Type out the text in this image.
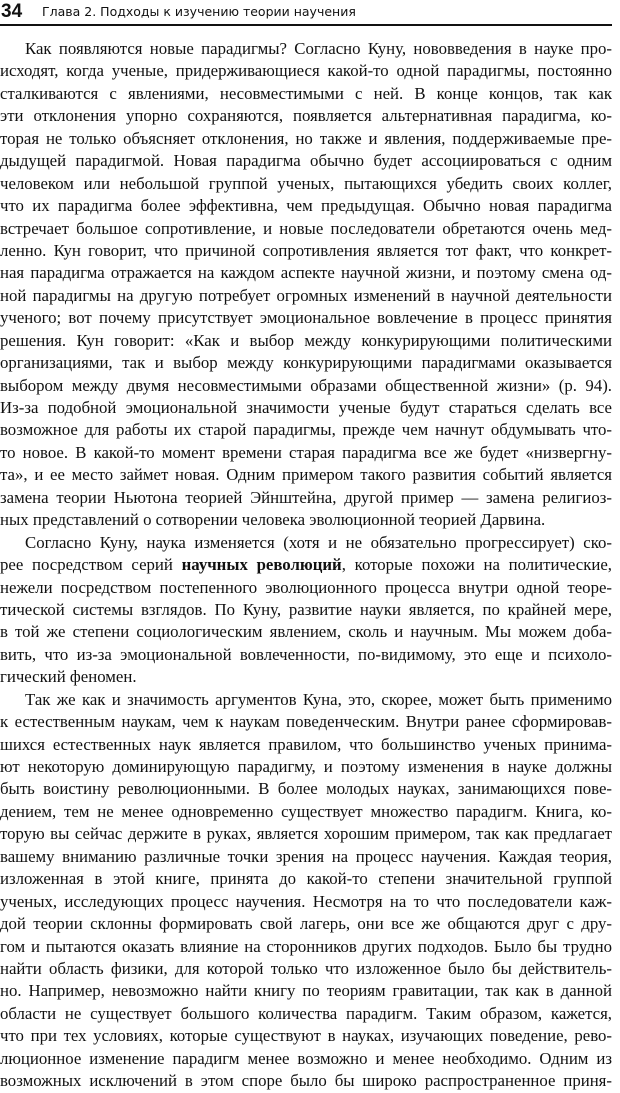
34 Глава 2. Подходы к изучению теории научения
Как появляются новые парадигмы? Согласно Куну, нововведения в науке про-
исходят, когда ученые, придерживающиеся какой-то одной парадигмы, постоянно
сталкиваются с явлениями, несовместимыми с ней. В конце концов, так как
эти отклонения упорно сохраняются, появляется альтернативная парадигма, ко-
торая не только объясняет отклонения, но также и явления, поддерживаемые пре-
дыдущей парадигмой. Новая парадигма обычно будет ассоциироваться с одним
человеком или небольшой группой ученых, пытающихся убедить своих коллег,
что их парадигма более эффективна, чем предыдущая. Обычно новая парадигма
встречает большое сопротивление, и новые последователи обретаются очень мед-
ленно. Кун говорит, что причиной сопротивления является тот факт, что конкрет-
ная парадигма отражается на каждом аспекте научной жизни, и поэтому смена од-
ной парадигмы на другую потребует огромных изменений в научной деятельности
ученого; вот почему присутствует эмоциональное вовлечение в процесс принятия
решения. Кун говорит: «Как и выбор между конкурирующими политическими
организациями, так и выбор между конкурирующими парадигмами оказывается
выбором между двумя несовместимыми образами общественной жизни» (р. 94).
Из-за подобной эмоциональной значимости ученые будут стараться сделать все
возможное для работы их старой парадигмы, прежде чем начнут обдумывать что-
то новое. В какой-то момент времени старая парадигма все же будет «низвергну-
та», и ее место займет новая. Одним примером такого развития событий является
замена теории Ньютона теорией Эйнштейна, другой пример — замена религиоз-
ных представлений о сотворении человека эволюционной теорией Дарвина.
Согласно Куну, наука изменяется (хотя и не обязательно прогрессирует) ско-
рее посредством серий научных революций, которые похожи на политические,
нежели посредством постепенного эволюционного процесса внутри одной теоре-
тической системы взглядов. По Куну, развитие науки является, по крайней мере,
в той же степени социологическим явлением, сколь и научным. Мы можем доба-
вить, что из-за эмоциональной вовлеченности, по-видимому, это еще и психоло-
гический феномен.
Так же как и значимость аргументов Куна, это, скорее, может быть применимо
к естественным наукам, чем к наукам поведенческим. Внутри ранее сформировав-
шихся естественных наук является правилом, что большинство ученых принима-
ют некоторую доминирующую парадигму, и поэтому изменения в науке должны
быть воистину революционными. В более молодых науках, занимающихся пове-
дением, тем не менее одновременно существует множество парадигм. Книга, ко-
торую вы сейчас держите в руках, является хорошим примером, так как предлагает
вашему вниманию различные точки зрения на процесс научения. Каждая теория,
изложенная в этой книге, принята до какой-то степени значительной группой
ученых, исследующих процесс научения. Несмотря на то что последователи каж-
дой теории склонны формировать свой лагерь, они все же общаются друг с дру-
гом и пытаются оказать влияние на сторонников других подходов. Было бы трудно
найти область физики, для которой только что изложенное было бы действитель-
но. Например, невозможно найти книгу по теориям гравитации, так как в данной
области не существует большого количества парадигм. Таким образом, кажется,
что при тех условиях, которые существуют в науках, изучающих поведение, рево-
люционное изменение парадигм менее возможно и менее необходимо. Одним из
возможных исключений в этом споре было бы широко распространенное приня-
